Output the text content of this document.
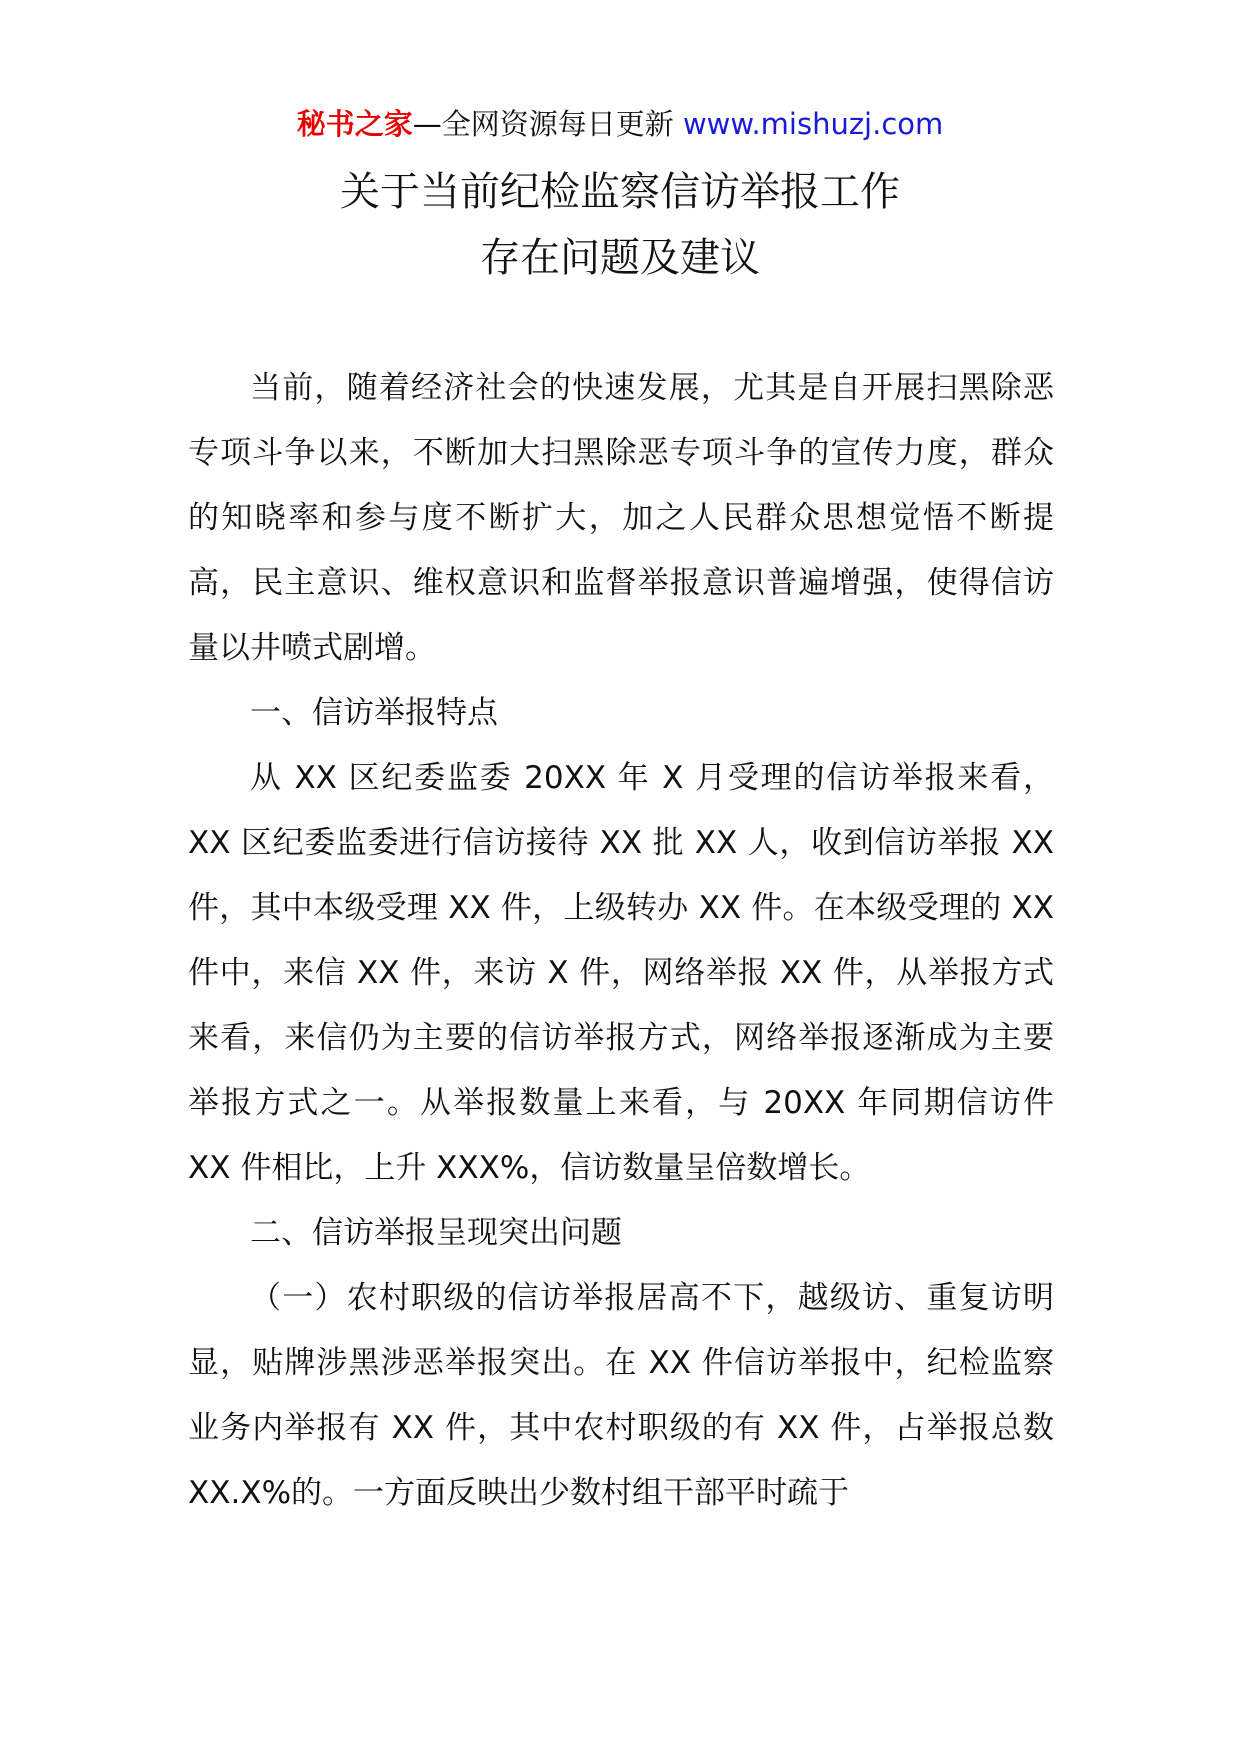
秘书之家—全网资源每日更新 www.mishuzj.com
关于当前纪检监察信访举报工作
存在问题及建议

当前，随着经济社会的快速发展，尤其是自开展扫黑除恶专项斗争以来，不断加大扫黑除恶专项斗争的宣传力度，群众的知晓率和参与度不断扩大，加之人民群众思想觉悟不断提高，民主意识、维权意识和监督举报意识普遍增强，使得信访量以井喷式剧增。

一、信访举报特点

从 XX 区纪委监委 20XX 年 X 月受理的信访举报来看，XX 区纪委监委进行信访接待 XX 批 XX 人，收到信访举报 XX 件，其中本级受理 XX 件，上级转办 XX 件。在本级受理的 XX 件中，来信 XX 件，来访 X 件，网络举报 XX 件，从举报方式来看，来信仍为主要的信访举报方式，网络举报逐渐成为主要举报方式之一。从举报数量上来看，与 20XX 年同期信访件 XX 件相比，上升 XXX%，信访数量呈倍数增长。

二、信访举报呈现突出问题

（一）农村职级的信访举报居高不下，越级访、重复访明显，贴牌涉黑涉恶举报突出。在 XX 件信访举报中，纪检监察业务内举报有 XX 件，其中农村职级的有 XX 件，占举报总数 XX.X%的。一方面反映出少数村组干部平时疏于
